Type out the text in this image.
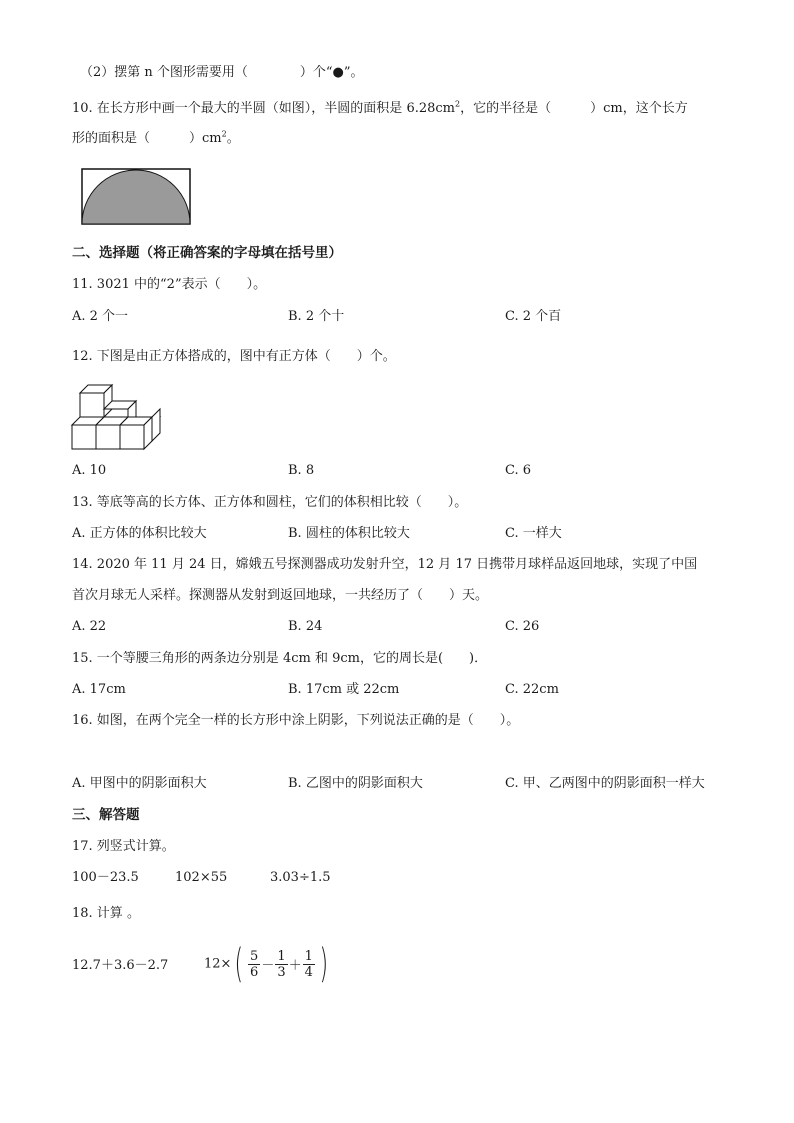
（2）摆第 n 个图形需要用（　　　　）个“●”。
10. 在长方形中画一个最大的半圆（如图），半圆的面积是 $6.28cm^2$，它的半径是（　　　）cm，这个长方
形的面积是（　　　）$cm^2$。
二、选择题（将正确答案的字母填在括号里）
11. 3021 中的“2”表示（　　）。
A. 2 个一	B. 2 个十	C. 2 个百
12. 下图是由正方体搭成的，图中有正方体（　　）个。
A. 10	B. 8	C. 6
13. 等底等高的长方体、正方体和圆柱，它们的体积相比较（　　）。
A. 正方体的体积比较大	B. 圆柱的体积比较大	C. 一样大
14. 2020 年 11 月 24 日，嫦娥五号探测器成功发射升空，12 月 17 日携带月球样品返回地球，实现了中国
首次月球无人采样。探测器从发射到返回地球，一共经历了（　　）天。
A. 22	B. 24	C. 26
15. 一个等腰三角形的两条边分别是 4cm 和 9cm，它的周长是(　　)．
A. 17cm	B. 17cm 或 22cm	C. 22cm
16. 如图，在两个完全一样的长方形中涂上阴影，下列说法正确的是（　　）。
A. 甲图中的阴影面积大	B. 乙图中的阴影面积大	C. 甲、乙两图中的阴影面积一样大
三、解答题
17. 列竖式计算。
100－23.5	102×55	3.03÷1.5
18. 计算 。
12.7＋3.6－2.7	$12\times( \frac{5}{6} - \frac{1}{3} + \frac{1}{4}$ )
